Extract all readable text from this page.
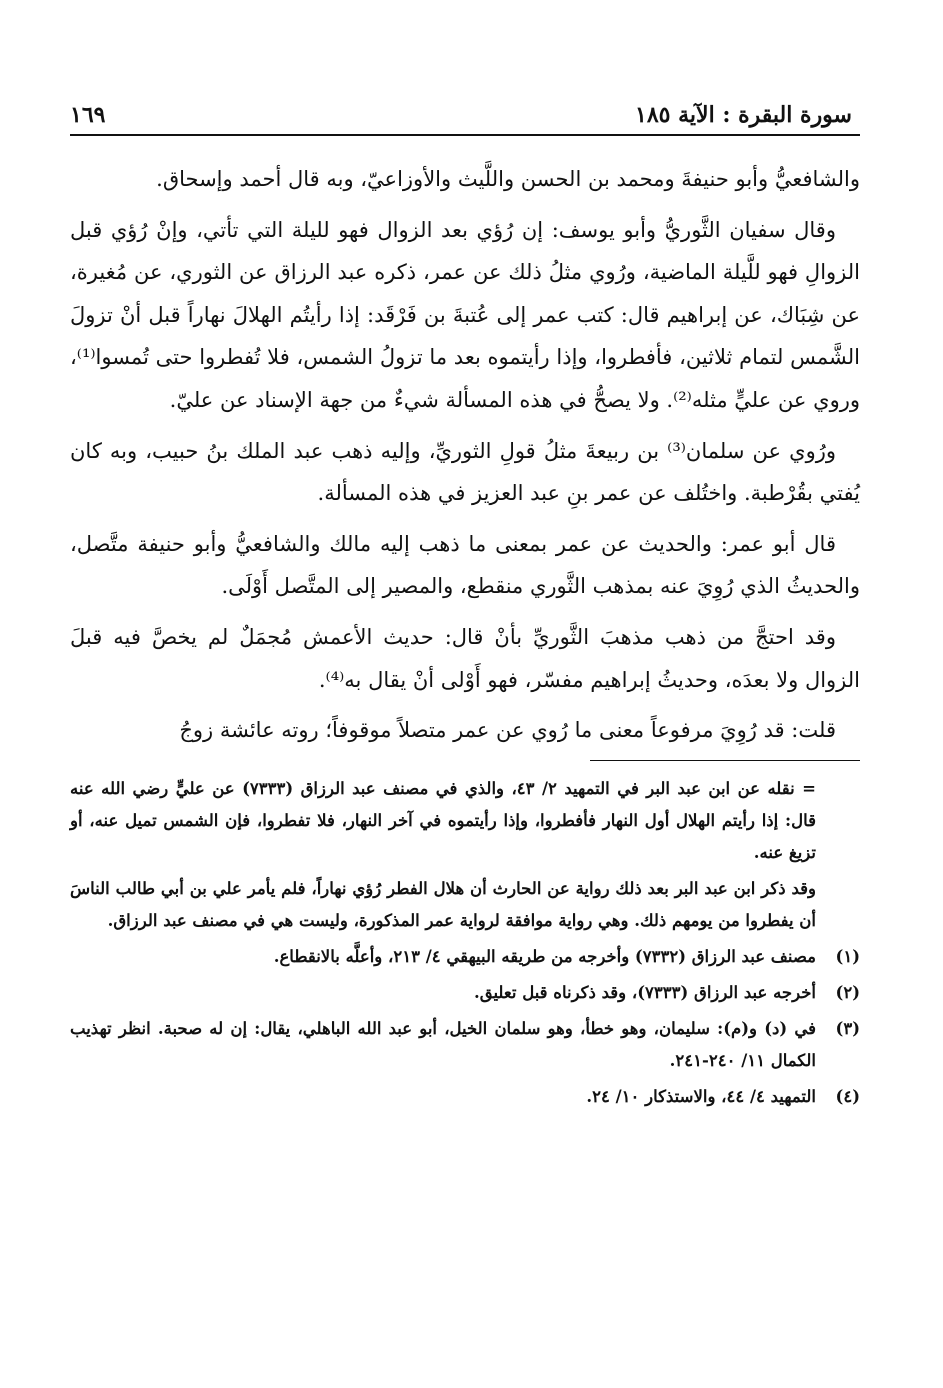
سورة البقرة : الآية ١٨٥
١٦٩

والشافعيُّ وأبو حنيفةَ ومحمد بن الحسن واللَّيث والأوزاعيّ، وبه قال أحمد وإسحاق.

وقال سفيان الثَّوريُّ وأبو يوسف: إن رُؤي بعد الزوال فهو لليلة التي تأتي، وإنْ رُؤي قبل الزوالِ فهو للَّيلة الماضية، ورُوي مثلُ ذلك عن عمر، ذكره عبد الرزاق عن الثوري، عن مُغيرة، عن شِبَاك، عن إبراهيم قال: كتب عمر إلى عُتبةَ بن فَرْقَد: إذا رأيتُم الهلالَ نهاراً قبل أنْ تزولَ الشَّمس لتمام ثلاثين، فأفطروا، وإذا رأيتموه بعد ما تزولُ الشمس، فلا تُفطروا حتى تُمسوا⁽¹⁾، وروي عن عليٍّ مثله⁽²⁾. ولا يصحُّ في هذه المسألة شيءٌ من جهة الإسناد عن عليّ.

ورُوي عن سلمان⁽³⁾ بن ربيعةَ مثلُ قولِ الثوريِّ، وإليه ذهب عبد الملك بنُ حبيب، وبه كان يُفتي بقُرْطبة. واختُلف عن عمر بنِ عبد العزيز في هذه المسألة.

قال أبو عمر: والحديث عن عمر بمعنى ما ذهب إليه مالك والشافعيُّ وأبو حنيفة متَّصل، والحديثُ الذي رُوِيَ عنه بمذهب الثَّوري منقطع، والمصير إلى المتَّصل أَوْلَى.

وقد احتجَّ من ذهب مذهبَ الثَّوريِّ بأنْ قال: حديث الأعمش مُجمَلٌ لم يخصَّ فيه قبلَ الزوال ولا بعدَه، وحديثُ إبراهيم مفسّر، فهو أَوْلى أنْ يقال به⁽⁴⁾.

قلت: قد رُوِيَ مرفوعاً معنى ما رُوي عن عمر متصلاً موقوفاً؛ روته عائشة زوجُ

= نقله عن ابن عبد البر في التمهيد ٢/ ٤٣، والذي في مصنف عبد الرزاق (٧٣٣٣) عن عليٍّ رضي الله عنه قال: إذا رأيتم الهلال أول النهار فأفطروا، وإذا رأيتموه في آخر النهار، فلا تفطروا، فإن الشمس تميل عنه، أو تزيغ عنه.
وقد ذكر ابن عبد البر بعد ذلك رواية عن الحارث أن هلال الفطر رُؤي نهاراً، فلم يأمر علي بن أبي طالب الناسَ أن يفطروا من يومهم ذلك. وهي رواية موافقة لرواية عمر المذكورة، وليست هي في مصنف عبد الرزاق.
(١)
مصنف عبد الرزاق (٧٣٣٢) وأخرجه من طريقه البيهقي ٤/ ٢١٣، وأعلَّه بالانقطاع.
(٢)
أخرجه عبد الرزاق (٧٣٣٣)، وقد ذكرناه قبل تعليق.
(٣)
في (د) و(م): سليمان، وهو خطأ، وهو سلمان الخيل، أبو عبد الله الباهلي، يقال: إن له صحبة. انظر تهذيب الكمال ١١/ ٢٤٠-٢٤١.
(٤)
التمهيد ٤/ ٤٤، والاستذكار ١٠/ ٢٤.
